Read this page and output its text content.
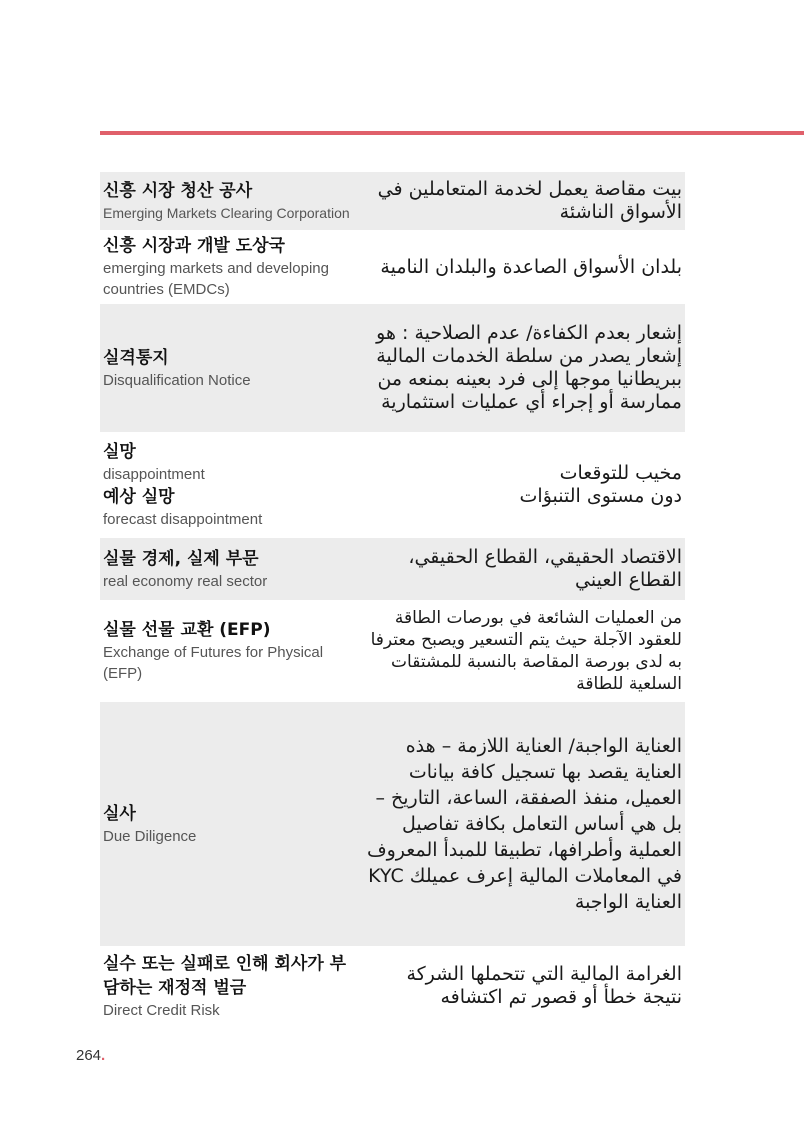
신흥 시장 청산 공사
Emerging Markets Clearing Corporation
بيت مقاصة يعمل لخدمة المتعاملين في الأسواق الناشئة
신흥 시장과 개발 도상국
emerging markets and developing countries (EMDCs)
بلدان الأسواق الصاعدة والبلدان النامية
실격통지
Disqualification Notice
إشعار بعدم الكفاءة/ عدم الصلاحية : هو إشعار يصدر من سلطة الخدمات المالية ببريطانيا موجها إلى فرد بعينه بمنعه من ممارسة أو إجراء أي عمليات استثمارية
실망
disappointment
예상 실망
forecast disappointment
مخيب للتوقعات
دون مستوى التنبؤات
실물 경제, 실제 부문
real economy real sector
الاقتصاد الحقيقي، القطاع الحقيقي، القطاع العيني
실물 선물 교환 (EFP)
Exchange of Futures for Physical (EFP)
من العمليات الشائعة في بورصات الطاقة للعقود الآجلة حيث يتم التسعير ويصبح معترفا به لدى بورصة المقاصة بالنسبة للمشتقات السلعية للطاقة
실사
Due Diligence
العناية الواجبة/ العناية اللازمة – هذه العناية يقصد بها تسجيل كافة بيانات العميل، منفذ الصفقة، الساعة، التاريخ – بل هي أساس التعامل بكافة تفاصيل العملية وأطرافها، تطبيقا للمبدأ المعروف في المعاملات المالية إعرف عميلك KYC العناية الواجبة
실수 또는 실패로 인해 회사가 부담하는 재정적 벌금
Direct Credit Risk
الغرامة المالية التي تتحملها الشركة نتيجة خطأ أو قصور تم اكتشافه
264.
